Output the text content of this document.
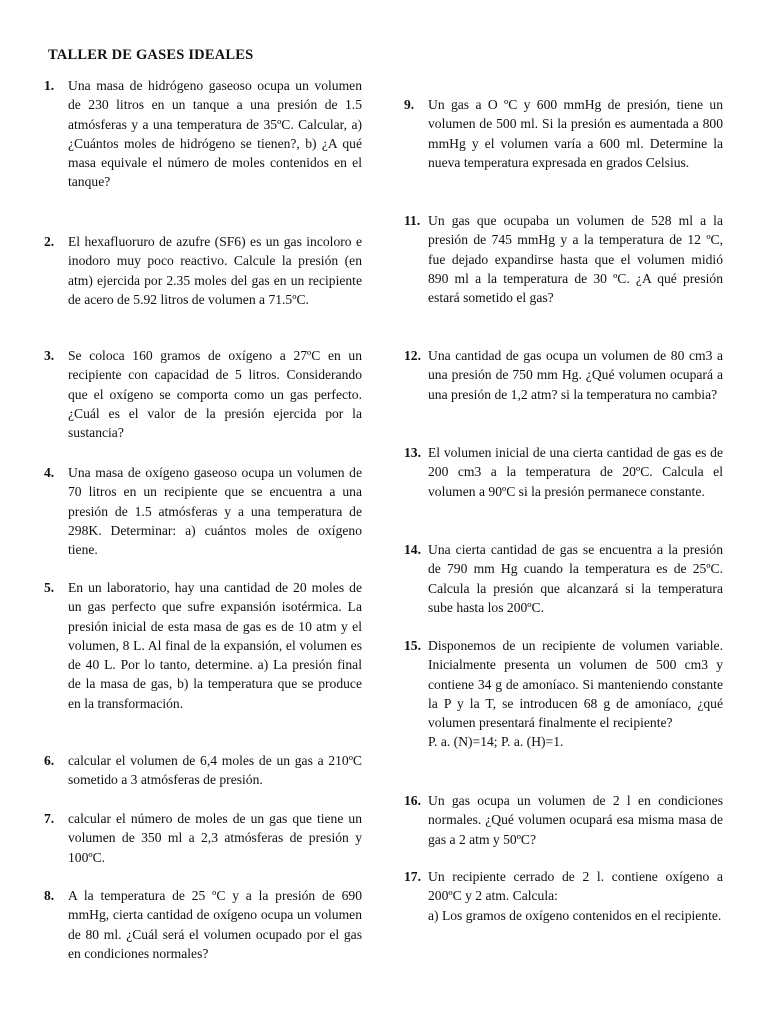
TALLER DE GASES IDEALES
1. Una masa de hidrógeno gaseoso ocupa un volumen de 230 litros en un tanque a una presión de 1.5 atmósferas y a una temperatura de 35ºC. Calcular, a) ¿Cuántos moles de hidrógeno se tienen?, b) ¿A qué masa equivale el número de moles contenidos en el tanque?
2. El hexafluoruro de azufre (SF6) es un gas incoloro e inodoro muy poco reactivo. Calcule la presión (en atm) ejercida por 2.35 moles del gas en un recipiente de acero de 5.92 litros de volumen a 71.5ºC.
3. Se coloca 160 gramos de oxígeno a 27ºC en un recipiente con capacidad de 5 litros. Considerando que el oxígeno se comporta como un gas perfecto. ¿Cuál es el valor de la presión ejercida por la sustancia?
4. Una masa de oxígeno gaseoso ocupa un volumen de 70 litros en un recipiente que se encuentra a una presión de 1.5 atmósferas y a una temperatura de 298K. Determinar: a) cuántos moles de oxígeno tiene.
5. En un laboratorio, hay una cantidad de 20 moles de un gas perfecto que sufre expansión isotérmica. La presión inicial de esta masa de gas es de 10 atm y el volumen, 8 L. Al final de la expansión, el volumen es de 40 L. Por lo tanto, determine. a) La presión final de la masa de gas, b) la temperatura que se produce en la transformación.
6. calcular el volumen de 6,4 moles de un gas a 210ºC sometido a 3 atmósferas de presión.
7. calcular el número de moles de un gas que tiene un volumen de 350 ml a 2,3 atmósferas de presión y 100ºC.
8. A la temperatura de 25 ºC y a la presión de 690 mmHg, cierta cantidad de oxígeno ocupa un volumen de 80 ml. ¿Cuál será el volumen ocupado por el gas en condiciones normales?
9. Un gas a O ºC y 600 mmHg de presión, tiene un volumen de 500 ml. Si la presión es aumentada a 800 mmHg y el volumen varía a 600 ml. Determine la nueva temperatura expresada en grados Celsius.
11. Un gas que ocupaba un volumen de 528 ml a la presión de 745 mmHg y a la temperatura de 12 ºC, fue dejado expandirse hasta que el volumen midió 890 ml a la temperatura de 30 ºC. ¿A qué presión estará sometido el gas?
12. Una cantidad de gas ocupa un volumen de 80 cm3 a una presión de 750 mm Hg. ¿Qué volumen ocupará a una presión de 1,2 atm? si la temperatura no cambia?
13. El volumen inicial de una cierta cantidad de gas es de 200 cm3 a la temperatura de 20ºC. Calcula el volumen a 90ºC si la presión permanece constante.
14. Una cierta cantidad de gas se encuentra a la presión de 790 mm Hg cuando la temperatura es de 25ºC. Calcula la presión que alcanzará si la temperatura sube hasta los 200ºC.
15. Disponemos de un recipiente de volumen variable. Inicialmente presenta un volumen de 500 cm3 y contiene 34 g de amoníaco. Si manteniendo constante la P y la T, se introducen 68 g de amoníaco, ¿qué volumen presentará finalmente el recipiente?
P. a. (N)=14; P. a. (H)=1.
16. Un gas ocupa un volumen de 2 l en condiciones normales. ¿Qué volumen ocupará esa misma masa de gas a 2 atm y 50ºC?
17. Un recipiente cerrado de 2 l. contiene oxígeno a 200ºC y 2 atm. Calcula:
a) Los gramos de oxígeno contenidos en el recipiente.
